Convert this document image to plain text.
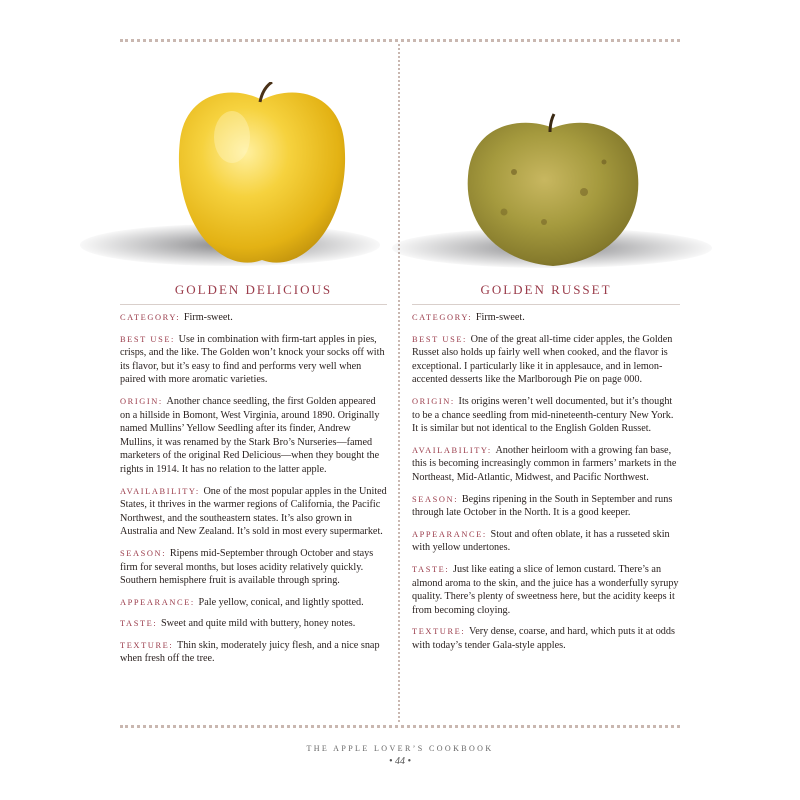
GOLDEN DELICIOUS

CATEGORY: Firm-sweet.

BEST USE: Use in combination with firm-tart apples in pies, crisps, and the like. The Golden won’t knock your socks off with its flavor, but it’s easy to find and performs very well when paired with more aromatic varieties.

ORIGIN: Another chance seedling, the first Golden appeared on a hillside in Bomont, West Virginia, around 1890. Originally named Mullins’ Yellow Seedling after its finder, Andrew Mullins, it was renamed by the Stark Bro’s Nurseries—famed marketers of the original Red Delicious—when they bought the rights in 1914. It has no relation to the latter apple.

AVAILABILITY: One of the most popular apples in the United States, it thrives in the warmer regions of California, the Pacific Northwest, and the southeastern states. It’s also grown in Australia and New Zealand. It’s sold in most every supermarket.

SEASON: Ripens mid-September through October and stays firm for several months, but loses acidity relatively quickly. Southern hemisphere fruit is available through spring.

APPEARANCE: Pale yellow, conical, and lightly spotted.

TASTE: Sweet and quite mild with buttery, honey notes.

TEXTURE: Thin skin, moderately juicy flesh, and a nice snap when fresh off the tree.

GOLDEN RUSSET

CATEGORY: Firm-sweet.

BEST USE: One of the great all-time cider apples, the Golden Russet also holds up fairly well when cooked, and the flavor is exceptional. I particularly like it in applesauce, and in lemon-accented desserts like the Marlborough Pie on page 000.

ORIGIN: Its origins weren’t well documented, but it’s thought to be a chance seedling from mid-nineteenth-century New York. It is similar but not identical to the English Golden Russet.

AVAILABILITY: Another heirloom with a growing fan base, this is becoming increasingly common in farmers’ markets in the Northeast, Mid-Atlantic, Midwest, and Pacific Northwest.

SEASON: Begins ripening in the South in September and runs through late October in the North. It is a good keeper.

APPEARANCE: Stout and often oblate, it has a russeted skin with yellow undertones.

TASTE: Just like eating a slice of lemon custard. There’s an almond aroma to the skin, and the juice has a wonderfully syrupy quality. There’s plenty of sweetness here, but the acidity keeps it from becoming cloying.

TEXTURE: Very dense, coarse, and hard, which puts it at odds with today’s tender Gala-style apples.

THE APPLE LOVER’S COOKBOOK
• 44 •
